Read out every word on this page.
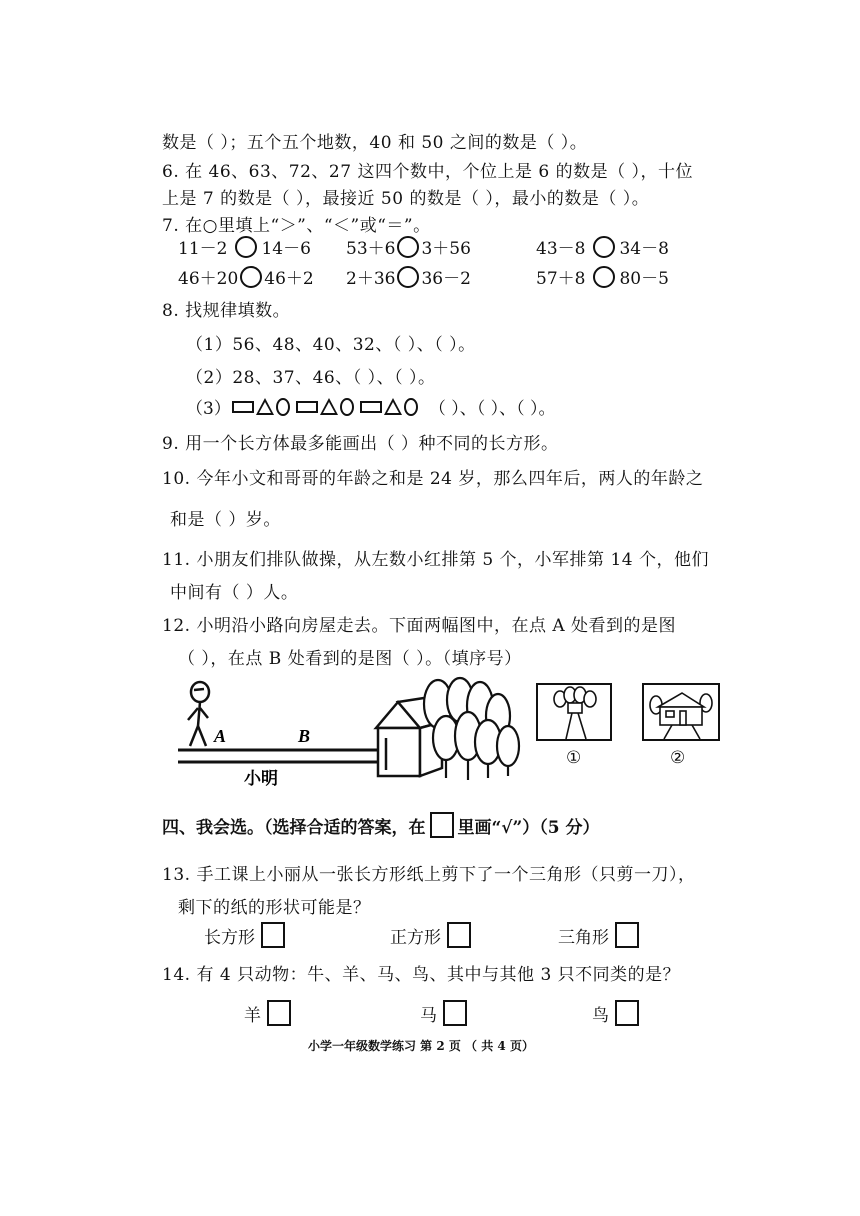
数是（ ）；五个五个地数，40 和 50 之间的数是（ ）。
6. 在 46、63、72、27 这四个数中，个位上是 6 的数是（ ），十位
上是 7 的数是（ ），最接近 50 的数是（ ），最小的数是（ ）。
7. 在○里填上“＞”、“＜”或“＝”。
11－2 14－6 53＋6 3＋56	43－8 34－8
46＋20 46＋2 2＋36 36－2	57＋8 80－5
8. 找规律填数。
（1）56、48、40、32、（ ）、（ ）。
（2）28、37、46、（ ）、（ ）。
（3）	（ ）、（ ）、（ ）。
9. 用一个长方体最多能画出（ ）种不同的长方形。
10. 今年小文和哥哥的年龄之和是 24 岁，那么四年后，两人的年龄之
和是（ ）岁。
11. 小朋友们排队做操，从左数小红排第 5 个，小军排第 14 个，他们
中间有（ ）人。
12. 小明沿小路向房屋走去。下面两幅图中，在点 A 处看到的是图
（ ），在点 B 处看到的是图（ ）。（填序号）
A	B
小明
①	②
四、我会选。（选择合适的答案，在 里画“√”）（5 分）
13. 手工课上小丽从一张长方形纸上剪下了一个三角形（只剪一刀），
剩下的纸的形状可能是？
长方形	正方形	三角形
14. 有 4 只动物：牛、羊、马、鸟、其中与其他 3 只不同类的是？
羊	马	鸟
小学一年级数学练习 第 2 页 （ 共 4 页）
